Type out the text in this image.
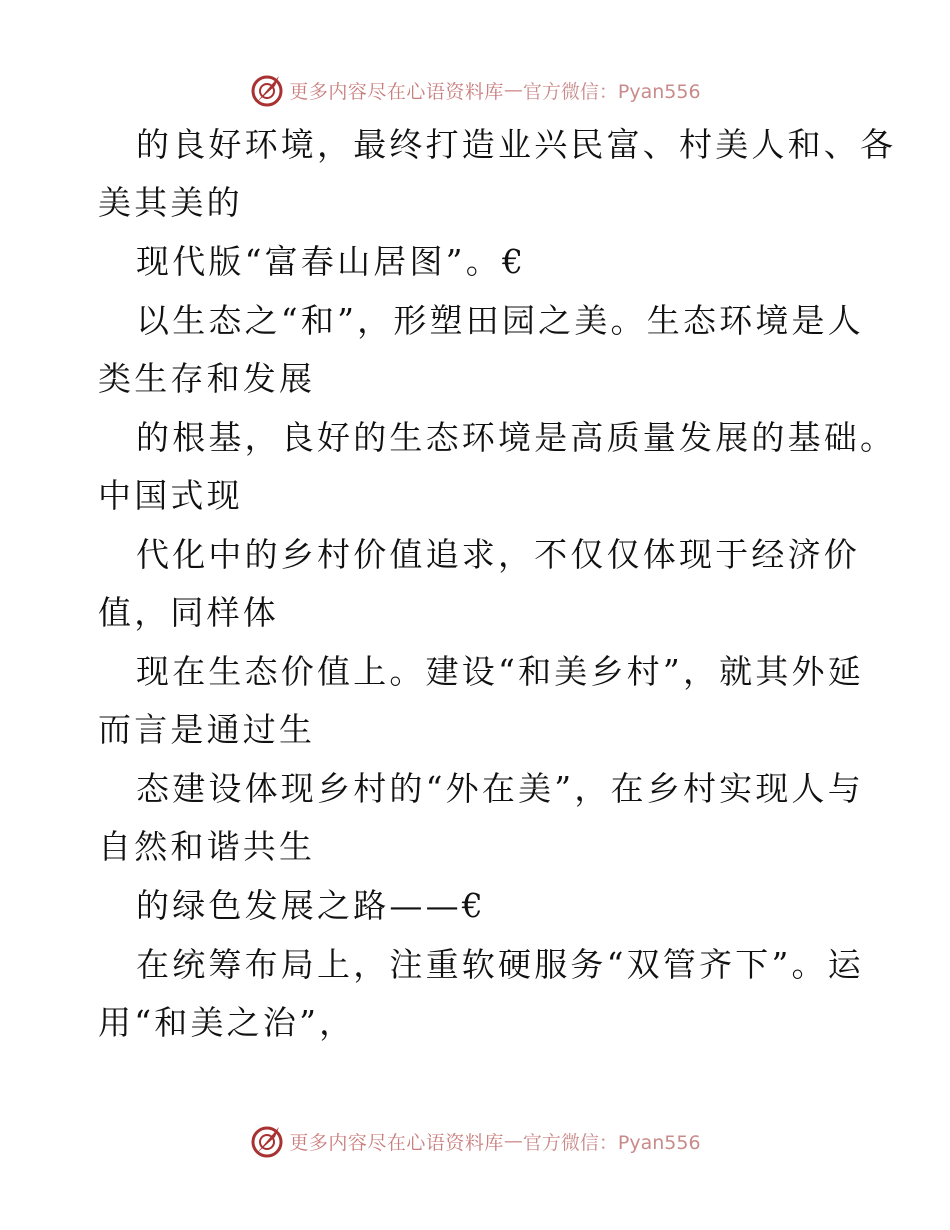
更多内容尽在心语资料库 — 官方微信：Pyan556
的良好环境，最终打造业兴民富、村美人和、各
美其美的
现代版“富春山居图”。€
以生态之“和”，形塑田园之美。生态环境是人
类生存和发展
的根基，良好的生态环境是高质量发展的基础。
中国式现
代化中的乡村价值追求，不仅仅体现于经济价
值，同样体
现在生态价值上。建设“和美乡村”，就其外延
而言是通过生
态建设体现乡村的“外在美”，在乡村实现人与
自然和谐共生
的绿色发展之路——€
在统筹布局上，注重软硬服务“双管齐下”。运
用“和美之治”，
更多内容尽在心语资料库 — 官方微信：Pyan556
